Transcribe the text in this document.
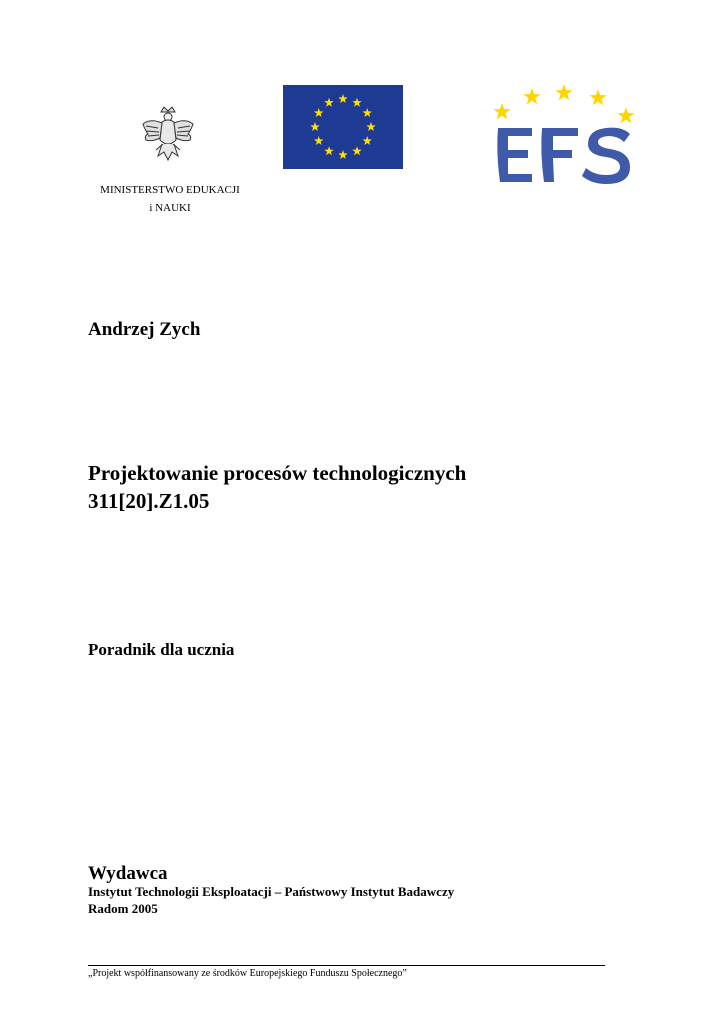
MINISTERSTWO EDUKACJI
i NAUKI
Andrzej Zych
Projektowanie procesów technologicznych
311[20].Z1.05
Poradnik dla ucznia
Wydawca
Instytut Technologii Eksploatacji – Państwowy Instytut Badawczy
Radom 2005
„Projekt współfinansowany ze środków Europejskiego Funduszu Społecznego”
